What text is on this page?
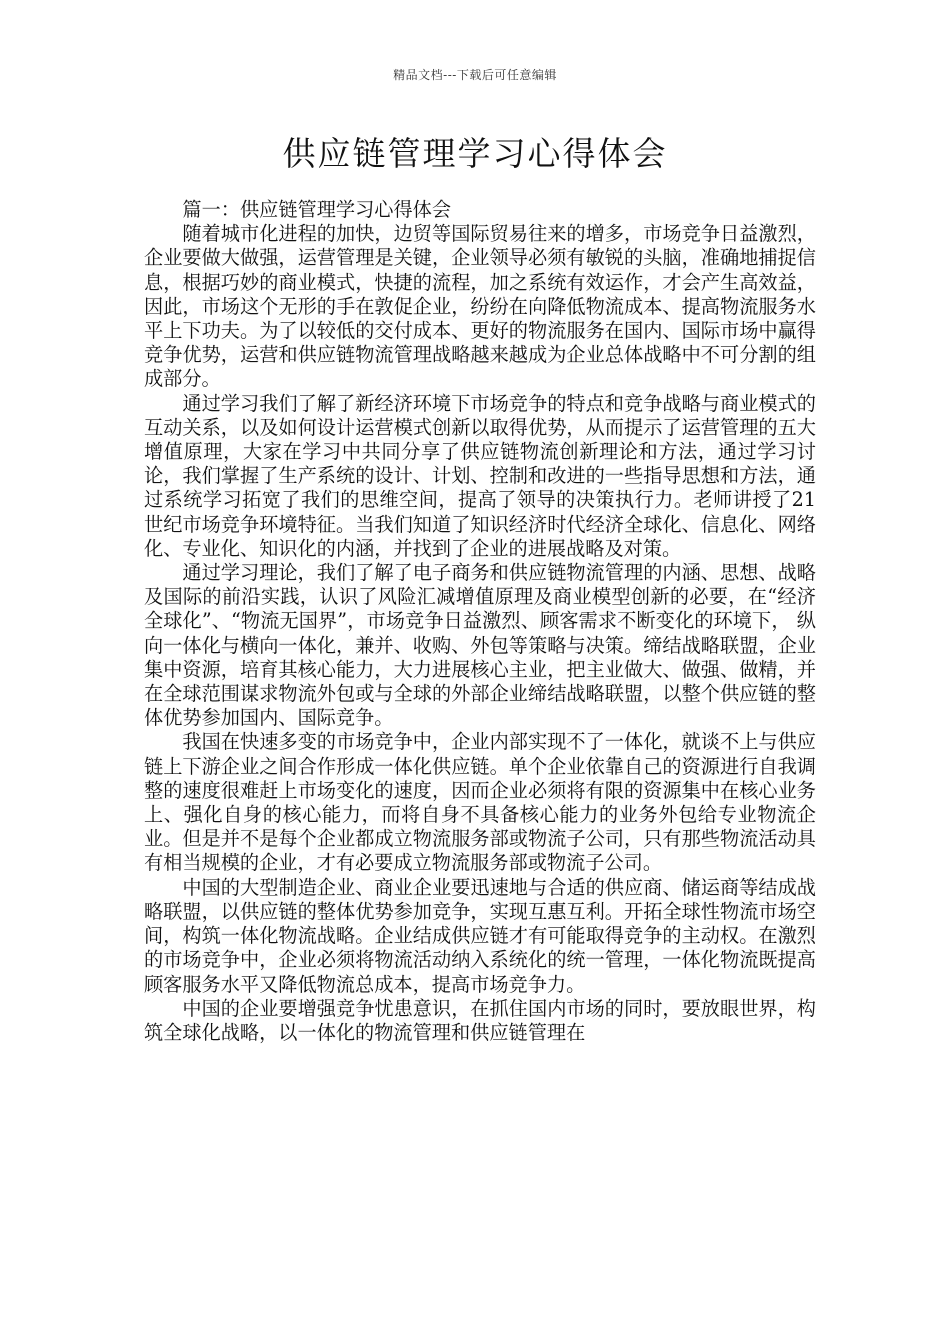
精品文档---下载后可任意编辑
供应链管理学习心得体会

篇一：供应链管理学习心得体会

随着城市化进程的加快，边贸等国际贸易往来的增多，市场竞争日益激烈，企业要做大做强，运营管理是关键，企业领导必须有敏锐的头脑，准确地捕捉信息，根据巧妙的商业模式，快捷的流程，加之系统有效运作，才会产生高效益，因此，市场这个无形的手在敦促企业，纷纷在向降低物流成本、提高物流服务水平上下功夫。为了以较低的交付成本、更好的物流服务在国内、国际市场中赢得竞争优势，运营和供应链物流管理战略越来越成为企业总体战略中不可分割的组成部分。

通过学习我们了解了新经济环境下市场竞争的特点和竞争战略与商业模式的互动关系，以及如何设计运营模式创新以取得优势，从而提示了运营管理的五大增值原理，大家在学习中共同分享了供应链物流创新理论和方法，通过学习讨论，我们掌握了生产系统的设计、计划、控制和改进的一些指导思想和方法，通过系统学习拓宽了我们的思维空间，提高了领导的决策执行力。老师讲授了21世纪市场竞争环境特征。当我们知道了知识经济时代经济全球化、信息化、网络化、专业化、知识化的内涵，并找到了企业的进展战略及对策。

通过学习理论，我们了解了电子商务和供应链物流管理的内涵、思想、战略及国际的前沿实践，认识了风险汇减增值原理及商业模型创新的必要，在“经济全球化”、“物流无国界”，市场竞争日益激烈、顾客需求不断变化的环境下， 纵向一体化与横向一体化，兼并、收购、外包等策略与决策。缔结战略联盟，企业集中资源，培育其核心能力，大力进展核心主业，把主业做大、做强、做精，并在全球范围谋求物流外包或与全球的外部企业缔结战略联盟，以整个供应链的整体优势参加国内、国际竞争。

我国在快速多变的市场竞争中，企业内部实现不了一体化，就谈不上与供应链上下游企业之间合作形成一体化供应链。单个企业依靠自己的资源进行自我调整的速度很难赶上市场变化的速度，因而企业必须将有限的资源集中在核心业务上、强化自身的核心能力，而将自身不具备核心能力的业务外包给专业物流企业。但是并不是每个企业都成立物流服务部或物流子公司，只有那些物流活动具有相当规模的企业，才有必要成立物流服务部或物流子公司。

中国的大型制造企业、商业企业要迅速地与合适的供应商、储运商等结成战略联盟，以供应链的整体优势参加竞争，实现互惠互利。开拓全球性物流市场空间，构筑一体化物流战略。企业结成供应链才有可能取得竞争的主动权。在激烈的市场竞争中，企业必须将物流活动纳入系统化的统一管理，一体化物流既提高顾客服务水平又降低物流总成本，提高市场竞争力。

中国的企业要增强竞争忧患意识，在抓住国内市场的同时，要放眼世界，构筑全球化战略，以一体化的物流管理和供应链管理在
